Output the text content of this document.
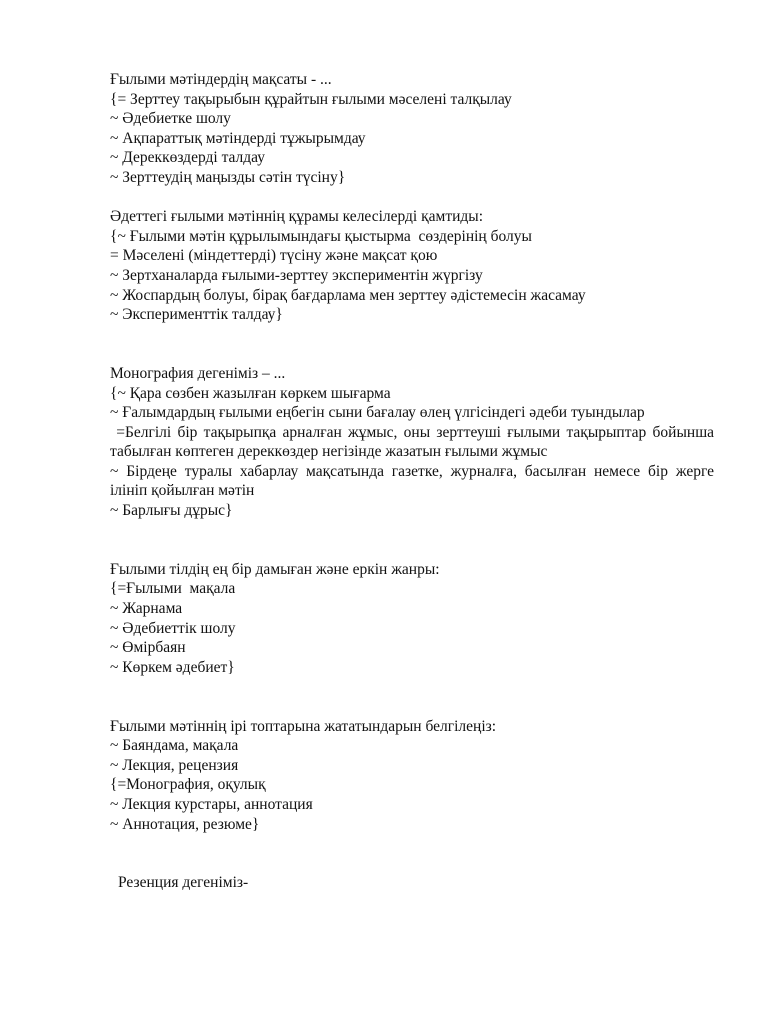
Ғылыми мәтіндердің мақсаты - ...
{= Зерттеу тақырыбын құрайтын ғылыми мәселені талқылау
~ Әдебиетке шолу
~ Ақпараттық мәтіндерді тұжырымдау
~ Дереккөздерді талдау
~ Зерттеудің маңызды сәтін түсіну}
Әдеттегі ғылыми мәтіннің құрамы келесілерді қамтиды:
{~ Ғылыми мәтін құрылымындағы қыстырма  сөздерінің болуы
= Мәселені (міндеттерді) түсіну және мақсат қою
~ Зертханаларда ғылыми-зерттеу экспериментін жүргізу
~ Жоспардың болуы, бірақ бағдарлама мен зерттеу әдістемесін жасамау
~ Эксперименттік талдау}
Монография дегеніміз – ...
{~ Қара сөзбен жазылған көркем шығарма
~ Ғалымдардың ғылыми еңбегін сыни бағалау өлең үлгісіндегі әдеби туындылар
=Белгілі бір тақырыпқа арналған жұмыс, оны зерттеуші ғылыми тақырыптар бойынша табылған көптеген дереккөздер негізінде жазатын ғылыми жұмыс
~ Бірдеңе туралы хабарлау мақсатында газетке, журналға, басылған немесе бір жерге ілініп қойылған мәтін
~ Барлығы дұрыс}
Ғылыми тілдің ең бір дамыған және еркін жанры:
{=Ғылыми  мақала
~ Жарнама
~ Әдебиеттік шолу
~ Өмірбаян
~ Көркем әдебиет}
Ғылыми мәтіннің ірі топтарына жататындарын белгілеңіз:
~ Баяндама, мақала
~ Лекция, рецензия
{=Монография, оқулық
~ Лекция курстары, аннотация
~ Аннотация, резюме}
Резенция дегеніміз-
